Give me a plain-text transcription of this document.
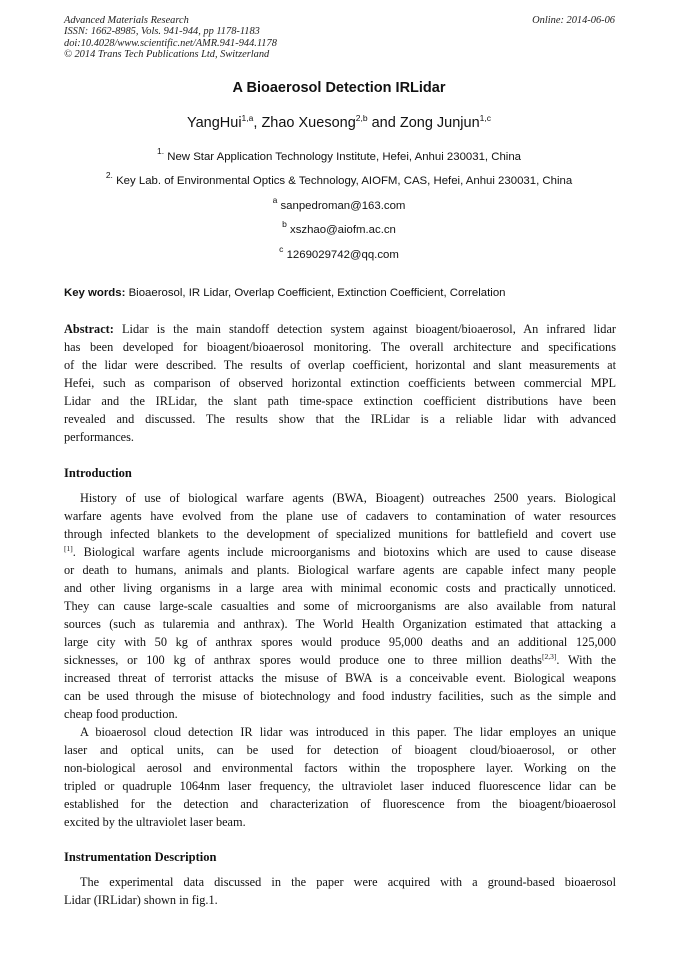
Advanced Materials Research
ISSN: 1662-8985, Vols. 941-944, pp 1178-1183
doi:10.4028/www.scientific.net/AMR.941-944.1178
© 2014 Trans Tech Publications Ltd, Switzerland
Online: 2014-06-06
A Bioaerosol Detection IRLidar
YangHui$^{1,a}$, Zhao Xuesong$^{2,b}$ and Zong Junjun$^{1,c}$
$^{1.}$ New Star Application Technology Institute, Hefei, Anhui 230031, China
$^{2.}$ Key Lab. of Environmental Optics & Technology, AIOFM, CAS, Hefei, Anhui 230031, China
$^a$ sanpedroman@163.com
$^b$ xszhao@aiofm.ac.cn
$^c$ 1269029742@qq.com
Key words: Bioaerosol, IR Lidar, Overlap Coefficient, Extinction Coefficient, Correlation
Abstract: Lidar is the main standoff detection system against bioagent/bioaerosol, An infrared lidar
has been developed for bioagent/bioaerosol monitoring. The overall architecture and specifications
of the lidar were described. The results of overlap coefficient, horizontal and slant measurements at
Hefei, such as comparison of observed horizontal extinction coefficients between commercial MPL
Lidar and the IRLidar, the slant path time-space extinction coefficient distributions have been
revealed and discussed. The results show that the IRLidar is a reliable lidar with advanced
performances.
Introduction
History of use of biological warfare agents (BWA, Bioagent) outreaches 2500 years. Biological
warfare agents have evolved from the plane use of cadavers to contamination of water resources
through infected blankets to the development of specialized munitions for battlefield and covert use
[1]. Biological warfare agents include microorganisms and biotoxins which are used to cause disease
or death to humans, animals and plants. Biological warfare agents are capable infect many people
and other living organisms in a large area with minimal economic costs and practically unnoticed.
They can cause large-scale casualties and some of microorganisms are also available from natural
sources (such as tularemia and anthrax). The World Health Organization estimated that attacking a
large city with 50 kg of anthrax spores would produce 95,000 deaths and an additional 125,000
sicknesses, or 100 kg of anthrax spores would produce one to three million deaths[2,3]. With the
increased threat of terrorist attacks the misuse of BWA is a conceivable event. Biological weapons
can be used through the misuse of biotechnology and food industry facilities, such as the simple and
cheap food production.
A bioaerosol cloud detection IR lidar was introduced in this paper. The lidar employes an unique
laser and optical units, can be used for detection of bioagent cloud/bioaerosol, or other
non-biological aerosol and environmental factors within the troposphere layer. Working on the
tripled or quadruple 1064nm laser frequency, the ultraviolet laser induced fluorescence lidar can be
established for the detection and characterization of fluorescence from the bioagent/bioaerosol
excited by the ultraviolet laser beam.
Instrumentation Description
The experimental data discussed in the paper were acquired with a ground-based bioaerosol
Lidar (IRLidar) shown in fig.1.
